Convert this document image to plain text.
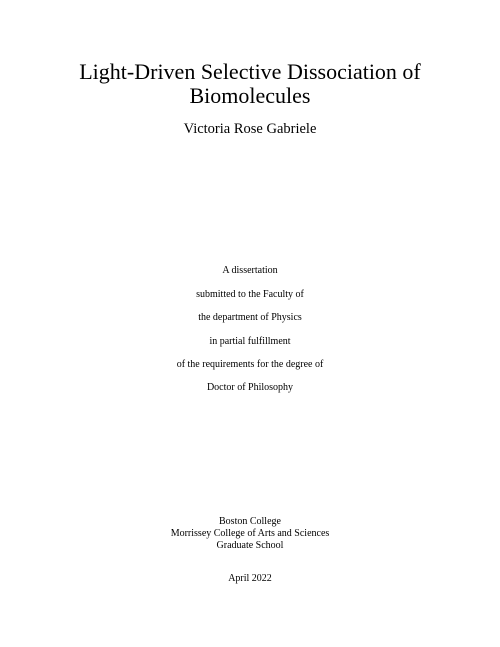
Light-Driven Selective Dissociation of
Biomolecules
Victoria Rose Gabriele
A dissertation
submitted to the Faculty of
the department of Physics
in partial fulfillment
of the requirements for the degree of
Doctor of Philosophy
Boston College
Morrissey College of Arts and Sciences
Graduate School
April 2022
